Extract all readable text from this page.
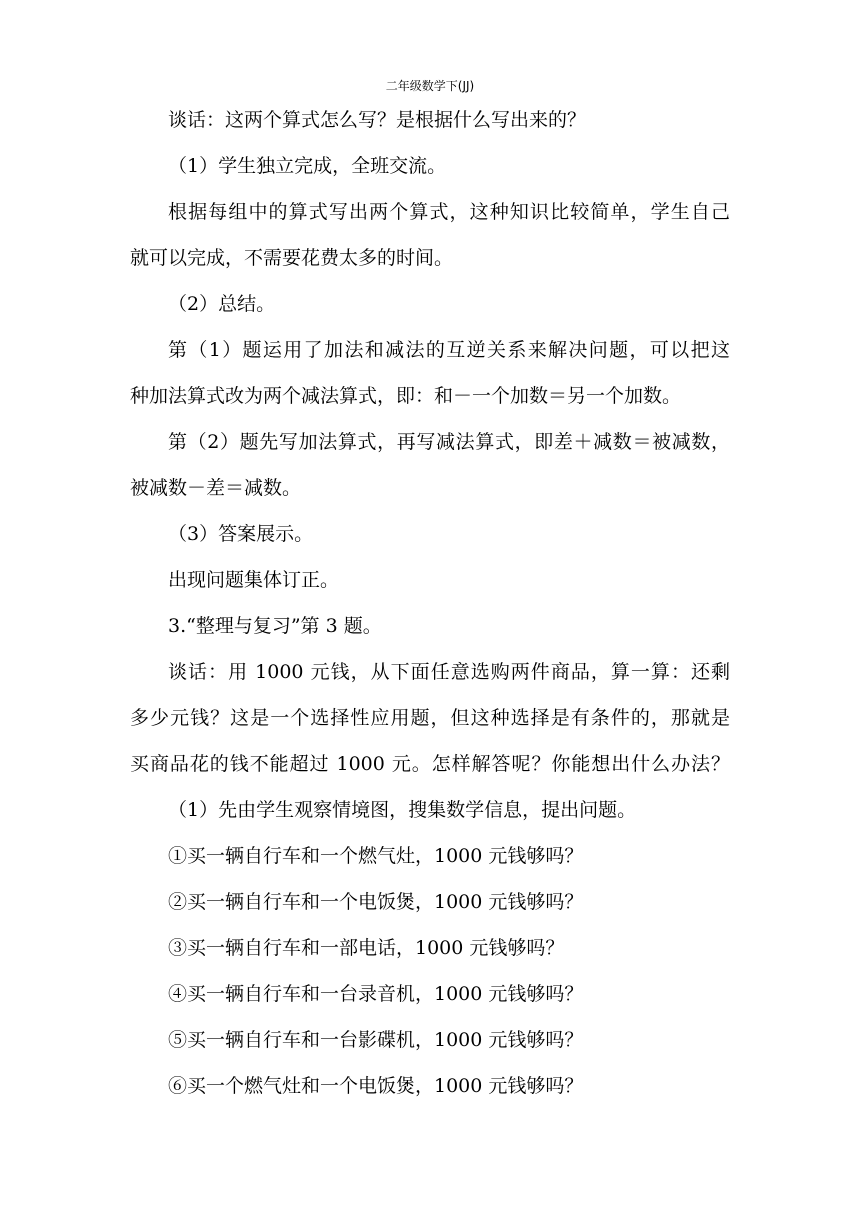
二年级数学下(JJ)

谈话：这两个算式怎么写？是根据什么写出来的？

（1）学生独立完成，全班交流。

根据每组中的算式写出两个算式，这种知识比较简单，学生自己
就可以完成，不需要花费太多的时间。

（2）总结。

第（1）题运用了加法和减法的互逆关系来解决问题，可以把这
种加法算式改为两个减法算式，即：和－一个加数＝另一个加数。

第（2）题先写加法算式，再写减法算式，即差＋减数＝被减数，
被减数－差＝减数。

（3）答案展示。

出现问题集体订正。

3.“整理与复习”第 3 题。

谈话：用 1000 元钱，从下面任意选购两件商品，算一算：还剩
多少元钱？这是一个选择性应用题，但这种选择是有条件的，那就是
买商品花的钱不能超过 1000 元。怎样解答呢？你能想出什么办法？

（1）先由学生观察情境图，搜集数学信息，提出问题。

①买一辆自行车和一个燃气灶，1000 元钱够吗？

②买一辆自行车和一个电饭煲，1000 元钱够吗？

③买一辆自行车和一部电话，1000 元钱够吗？

④买一辆自行车和一台录音机，1000 元钱够吗？

⑤买一辆自行车和一台影碟机，1000 元钱够吗？

⑥买一个燃气灶和一个电饭煲，1000 元钱够吗？
